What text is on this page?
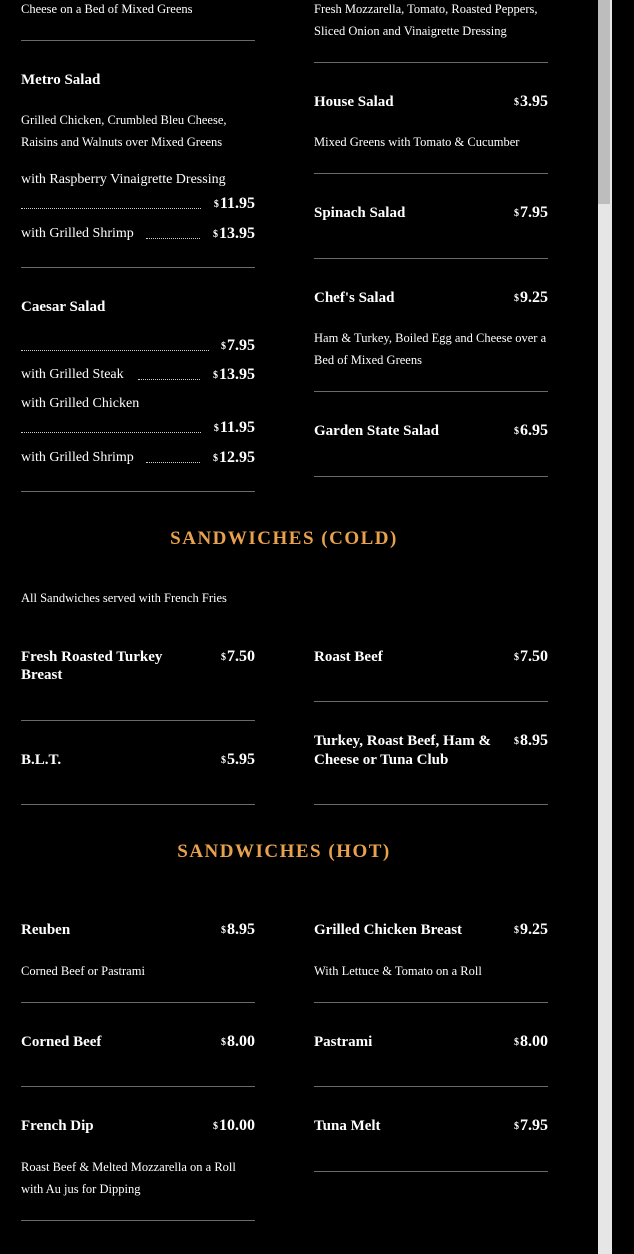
Cheese on a Bed of Mixed Greens	Fresh Mozzarella, Tomato, Roasted Peppers,
Sliced Onion and Vinaigrette Dressing
Metro Salad
Grilled Chicken, Crumbled Bleu Cheese,
Raisins and Walnuts over Mixed Greens
with Raspberry Vinaigrette Dressing
$11.95
with Grilled Shrimp	$13.95
Caesar Salad
$7.95
with Grilled Steak	$13.95
with Grilled Chicken
$11.95
with Grilled Shrimp	$12.95
House Salad	$3.95
Mixed Greens with Tomato & Cucumber
Spinach Salad	$7.95
Chef's Salad	$9.25
Ham & Turkey, Boiled Egg and Cheese over a
Bed of Mixed Greens
Garden State Salad	$6.95
SANDWICHES (COLD)
All Sandwiches served with French Fries
Fresh Roasted Turkey
Breast
$7.50
B.L.T.	$5.95
Roast Beef	$7.50
Turkey, Roast Beef, Ham &
Cheese or Tuna Club
$8.95
SANDWICHES (HOT)
Reuben	$8.95
Corned Beef or Pastrami
Corned Beef	$8.00
French Dip	$10.00
Roast Beef & Melted Mozzarella on a Roll
with Au jus for Dipping
Grilled Chicken Breast	$9.25
With Lettuce & Tomato on a Roll
Pastrami	$8.00
Tuna Melt	$7.95
